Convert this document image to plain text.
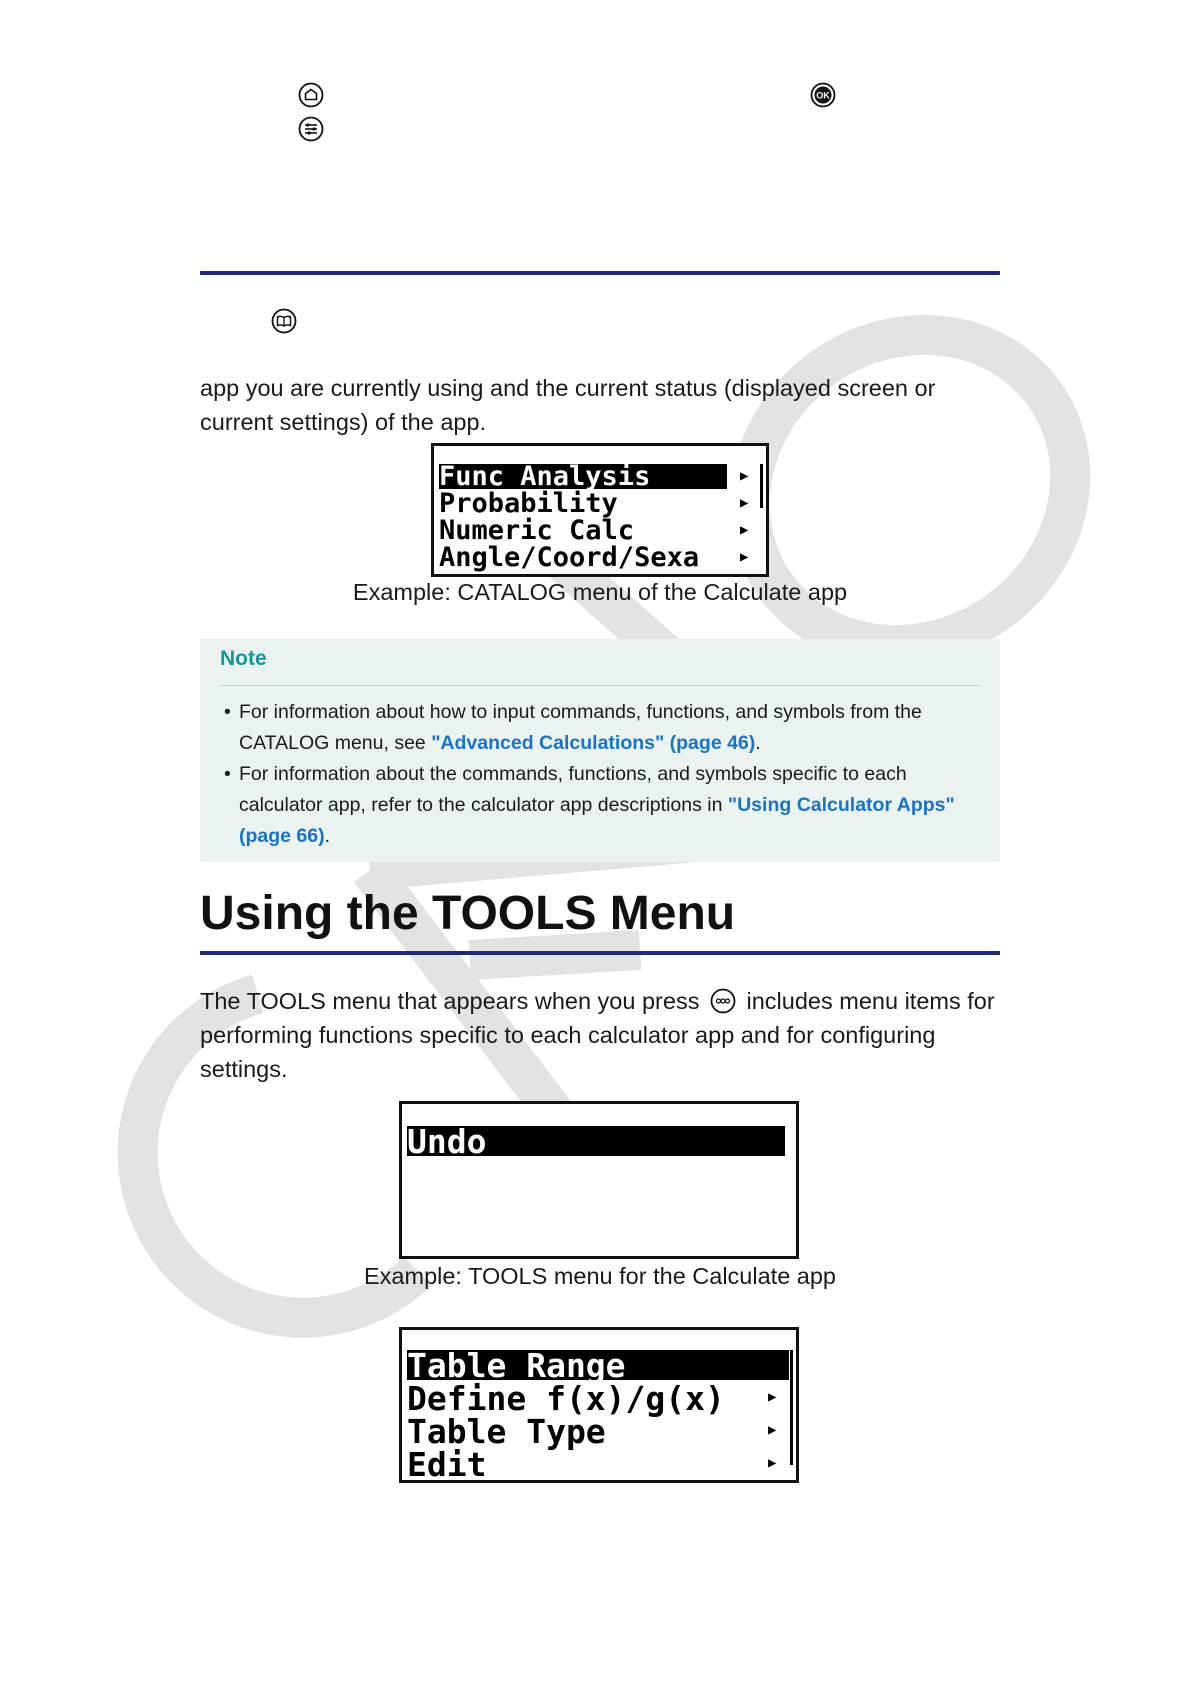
OK

app you are currently using and the current status (displayed screen or current settings) of the app.

Func Analysis	▶
Probability	▶
Numeric Calc	▶
Angle/Coord/Sexa	▶

Example: CATALOG menu of the Calculate app

Note

• For information about how to input commands, functions, and symbols from the CATALOG menu, see "Advanced Calculations" (page 46).
• For information about the commands, functions, and symbols specific to each calculator app, refer to the calculator app descriptions in "Using Calculator Apps" (page 66).
Using the TOOLS Menu

The TOOLS menu that appears when you press includes menu items for performing functions specific to each calculator app and for configuring settings.

Undo

Example: TOOLS menu for the Calculate app

Table Range
Define f(x)/g(x)	▶
Table Type	▶
Edit	▶
